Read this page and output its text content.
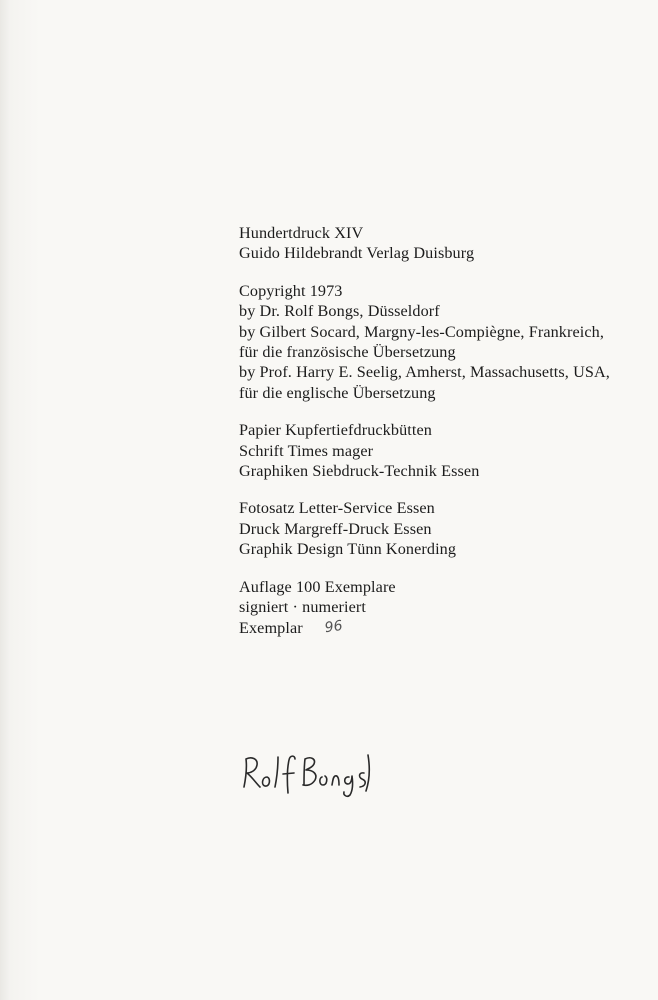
Hundertdruck XIV
Guido Hildebrandt Verlag Duisburg
Copyright 1973
by Dr. Rolf Bongs, Düsseldorf
by Gilbert Socard, Margny-les-Compiègne, Frankreich,
für die französische Übersetzung
by Prof. Harry E. Seelig, Amherst, Massachusetts, USA,
für die englische Übersetzung
Papier Kupfertiefdruckbütten
Schrift Times mager
Graphiken Siebdruck-Technik Essen
Fotosatz Letter-Service Essen
Druck Margreff-Druck Essen
Graphik Design Tünn Konerding
Auflage 100 Exemplare
signiert · numeriert
Exemplar 96
